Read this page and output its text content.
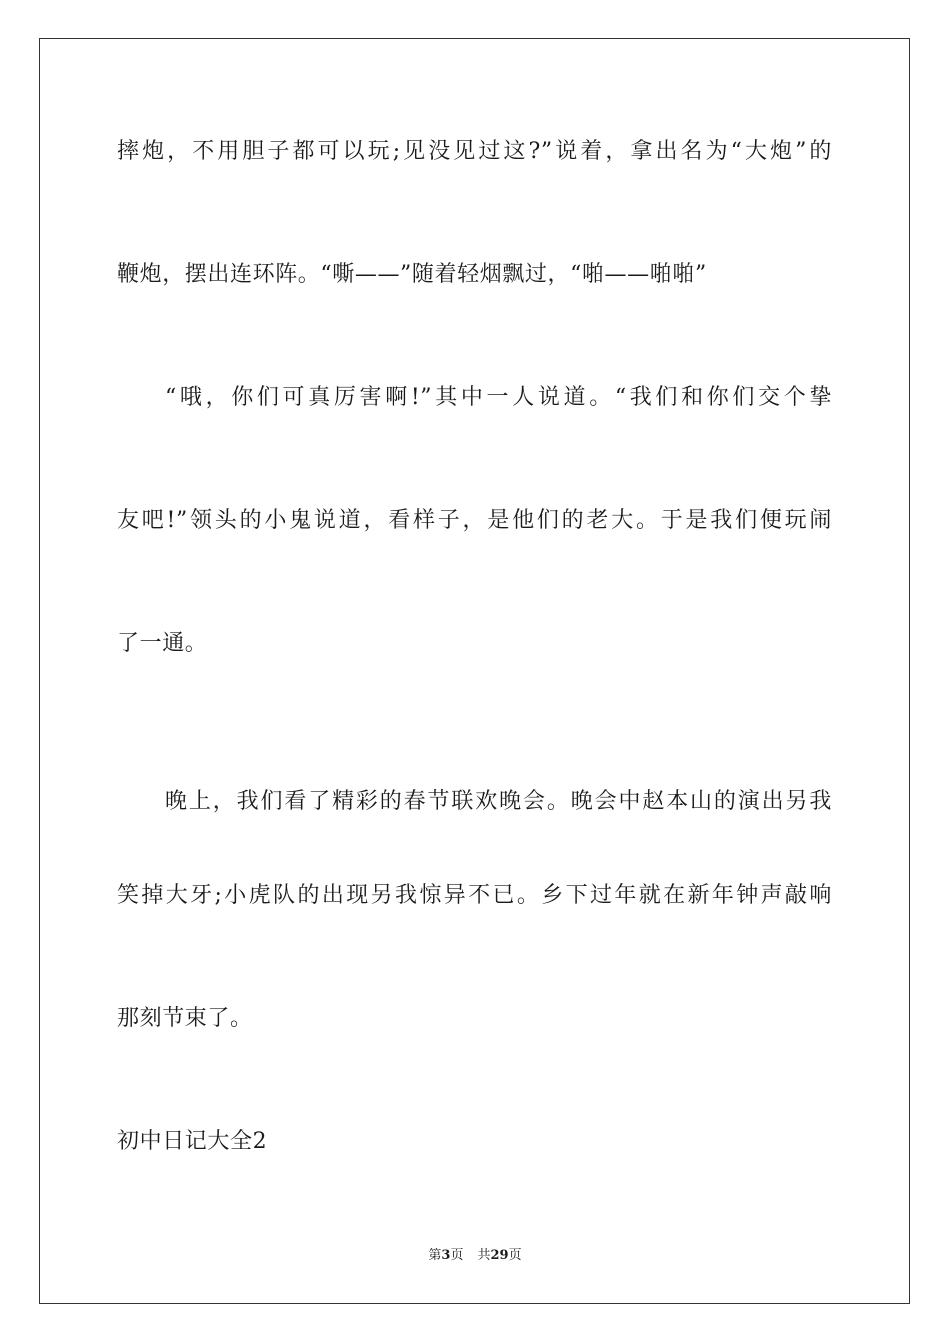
摔炮，不用胆子都可以玩;见没见过这?”说着，拿出名为“大炮”的
鞭炮，摆出连环阵。“嘶——”随着轻烟飘过，“啪——啪啪”
“哦，你们可真厉害啊!”其中一人说道。“我们和你们交个挚
友吧!”领头的小鬼说道，看样子，是他们的老大。于是我们便玩闹
了一通。
晚上，我们看了精彩的春节联欢晚会。晚会中赵本山的演出另我
笑掉大牙;小虎队的出现另我惊异不已。乡下过年就在新年钟声敲响
那刻节束了。
初中日记大全2
第3页 共29页
